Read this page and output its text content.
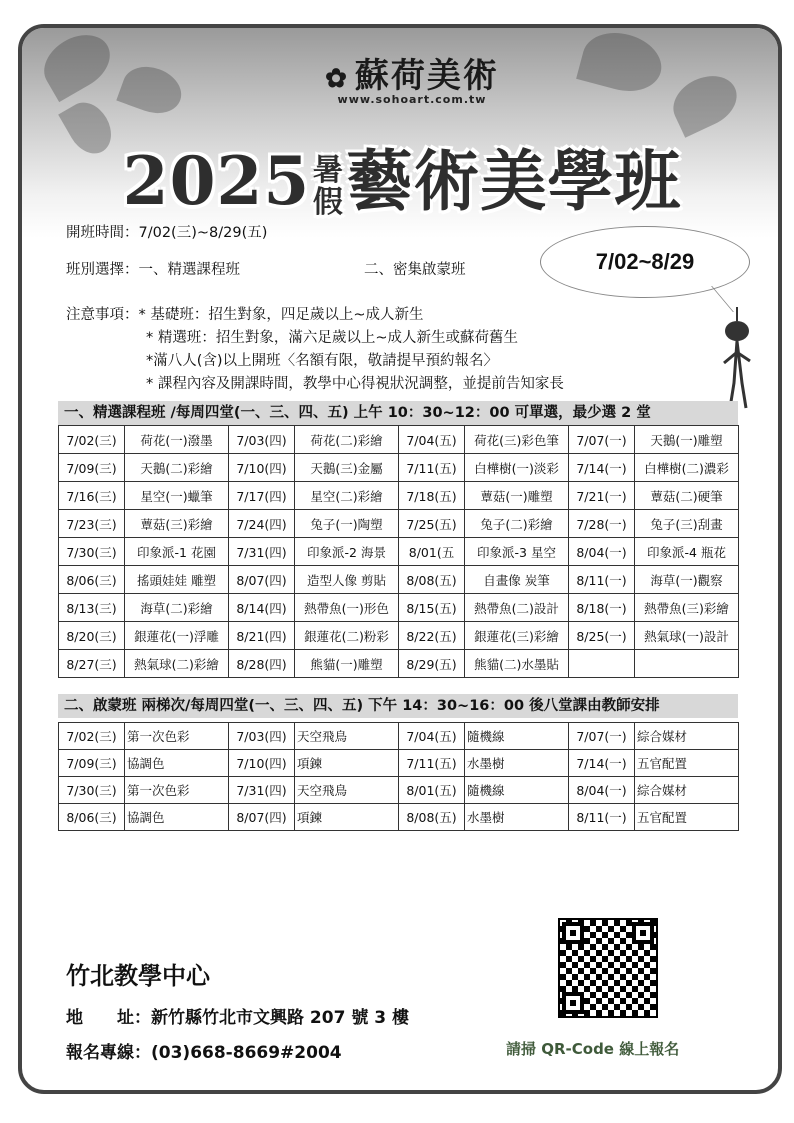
✿ 蘇荷美術
www.sohoart.com.tw
2025暑
假藝術美學班
開班時間：7/02(三)~8/29(五)
班別選擇：一、精選課程班	二、密集啟蒙班	7/02~8/29
注意事項：* 基礎班：招生對象，四足歲以上~成人新生
* 精選班：招生對象，滿六足歲以上~成人新生或蘇荷舊生
*滿八人(含)以上開班〈名額有限，敬請提早預約報名〉
* 課程內容及開課時間，教學中心得視狀況調整，並提前告知家長
一、精選課程班 /每周四堂(一、三、四、五) 上午 10：30~12：00 可單選，最少選 2 堂
7/02(三)	荷花(一)潑墨	7/03(四)	荷花(二)彩繪	7/04(五)	荷花(三)彩色筆	7/07(一)	天鵝(一)雕塑
7/09(三)	天鵝(二)彩繪	7/10(四)	天鵝(三)金屬	7/11(五)	白樺樹(一)淡彩	7/14(一)	白樺樹(二)濃彩
7/16(三)	星空(一)蠟筆	7/17(四)	星空(二)彩繪	7/18(五)	蕈菇(一)雕塑	7/21(一)	蕈菇(二)硬筆
7/23(三)	蕈菇(三)彩繪	7/24(四)	兔子(一)陶塑	7/25(五)	兔子(二)彩繪	7/28(一)	兔子(三)刮畫
7/30(三)	印象派-1 花園	7/31(四)	印象派-2 海景	8/01(五	印象派-3 星空	8/04(一)	印象派-4 瓶花
8/06(三)	搖頭娃娃 雕塑	8/07(四)	造型人像 剪貼	8/08(五)	自畫像 炭筆	8/11(一)	海草(一)觀察
8/13(三)	海草(二)彩繪	8/14(四)	熱帶魚(一)形色	8/15(五)	熱帶魚(二)設計	8/18(一)	熱帶魚(三)彩繪
8/20(三)	銀蓮花(一)浮雕	8/21(四)	銀蓮花(二)粉彩	8/22(五)	銀蓮花(三)彩繪	8/25(一)	熱氣球(一)設計
8/27(三)	熱氣球(二)彩繪	8/28(四)	熊貓(一)雕塑	8/29(五)	熊貓(二)水墨貼		
二、啟蒙班 兩梯次/每周四堂(一、三、四、五) 下午 14：30~16：00 後八堂課由教師安排
7/02(三)	第一次色彩	7/03(四)	天空飛鳥	7/04(五)	隨機線	7/07(一)	綜合媒材
7/09(三)	協調色	7/10(四)	項鍊	7/11(五)	水墨樹	7/14(一)	五官配置
7/30(三)	第一次色彩	7/31(四)	天空飛鳥	8/01(五)	隨機線	8/04(一)	綜合媒材
8/06(三)	協調色	8/07(四)	項鍊	8/08(五)	水墨樹	8/11(一)	五官配置
竹北教學中心
地　　址：新竹縣竹北市文興路 207 號 3 樓
報名專線：(03)668-8669#2004	請掃 QR-Code 線上報名
